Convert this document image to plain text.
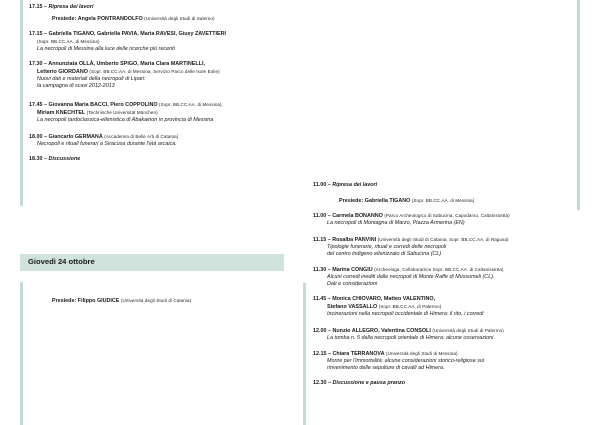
Giovedì 24 ottobre
17.15 – Ripresa dei lavori
Presiede: Angela PONTRANDOLFO (Università degli Studi di Salerno)
17.15 – Gabriella TIGANO, Gabriella PAVIA, Maria RAVESI, Giusy ZAVETTIERI
(Sopr. BB.CC.AA. di Messina)
La necropoli di Messina alla luce delle ricerche più recenti
17.30 – Annunziata OLLÀ, Umberto SPIGO, Maria Clara MARTINELLI,
Letterio GIORDANO (Sopr. BB.CC.AA. di Messina, Servizio Parco delle Isole Eolie)
Nuovi dati e materiali della necropoli di Lipari:
la campagna di scavi 2012-2013
17.45 – Giovanna Maria BACCI, Piero COPPOLINO (Sopr. BB.CC.AA. di Messina),
Miriam KNECHTEL (Technische Universität München)
La necropoli tardoclassica-ellenistica di Abakainon in provincia di Messina
18.00 – Giancarlo GERMANÀ (Accademia di Belle Arti di Catania)
Necropoli e rituali funerari a Siracusa durante l'età arcaica.
18.30 – Discussione
Presiede: Filippo GIUDICE (Università degli Studi di Catania)
11.00 – Ripresa dei lavori
Presiede: Gabriella TIGANO (Sopr. BB.CC.AA. di Messina)
11.00 – Carmela BONANNO (Parco Archeologico di Sabucina, Capodarso, Caltanissetta)
La necropoli di Montagna di Marzo, Piazza Armerina (EN)
11.15 – Rosalba PANVINI (Università degli Studi di Catania, Sopr. BB.CC.AA. di Ragusa)
Tipologie funerarie, rituali e corredi delle necropoli
del centro indigeno ellenizzato di Sabucina (CL)
11.30 – Marina CONGIU (Archeologa, Collaboratrice Sopr. BB.CC.AA. di Caltanissetta)
Alcuni corredi inediti dalle necropoli di Monte Raffe di Mussomeli (CL).
Dati e considerazioni
11.45 – Monica CHIOVARO, Matteo VALENTINO,
Stefano VASSALLO (Sopr. BB.CC.AA. di Palermo)
Incinerazioni nella necropoli occidentale di Himera: il rito, i corredi
12.00 – Nunzio ALLEGRO, Valentina CONSOLI (Università degli Studi di Palermo)
La tomba n. 5 dalla necropoli orientale di Himera: alcune osservazioni
12.15 – Chiara TERRANOVA (Università degli Studi di Messina)
Morire per l'immortalità: alcune considerazioni storico-religiose sul
rinvenimento delle sepolture di cavalli ad Himera.
12.30 – Discussione e pausa pranzo
